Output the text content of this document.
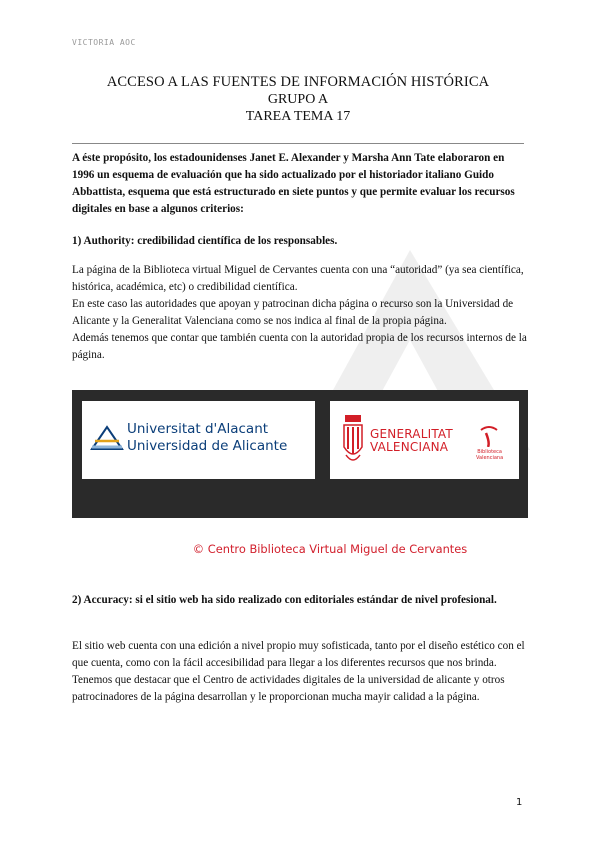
VICTORIA AOC
ACCESO A LAS FUENTES DE INFORMACIÓN HISTÓRICA
GRUPO A
TAREA TEMA 17
A éste propósito, los estadounidenses Janet E. Alexander y Marsha Ann Tate elaboraron en 1996 un esquema de evaluación que ha sido actualizado por el historiador italiano Guido Abbattista, esquema que está estructurado en siete puntos y que permite evaluar los recursos digitales en base a algunos criterios:
1) Authority: credibilidad científica de los responsables.
La página de la Biblioteca virtual Miguel de Cervantes cuenta con una “autoridad” (ya sea científica, histórica, académica, etc) o credibilidad científica.
En este caso las autoridades que apoyan y patrocinan dicha página o recurso son la Universidad de Alicante y la Generalitat Valenciana como se nos indica al final de la propia página.
Además tenemos que contar que también cuenta con la autoridad propia de los recursos internos de la página.
Universitat d'Alacant
Universidad de Alicante
GENERALITAT
VALENCIANA	Biblioteca
Valenciana
© Centro Biblioteca Virtual Miguel de Cervantes
2) Accuracy: si el sitio web ha sido realizado con editoriales estándar de nivel profesional.
El sitio web cuenta con una edición a nivel propio muy sofisticada, tanto por el diseño estético con el que cuenta, como con la fácil accesibilidad para llegar a los diferentes recursos que nos brinda.
Tenemos que destacar que el Centro de actividades digitales de la universidad de alicante y otros patrocinadores de la página desarrollan y le proporcionan mucha mayir calidad a la página.
1
